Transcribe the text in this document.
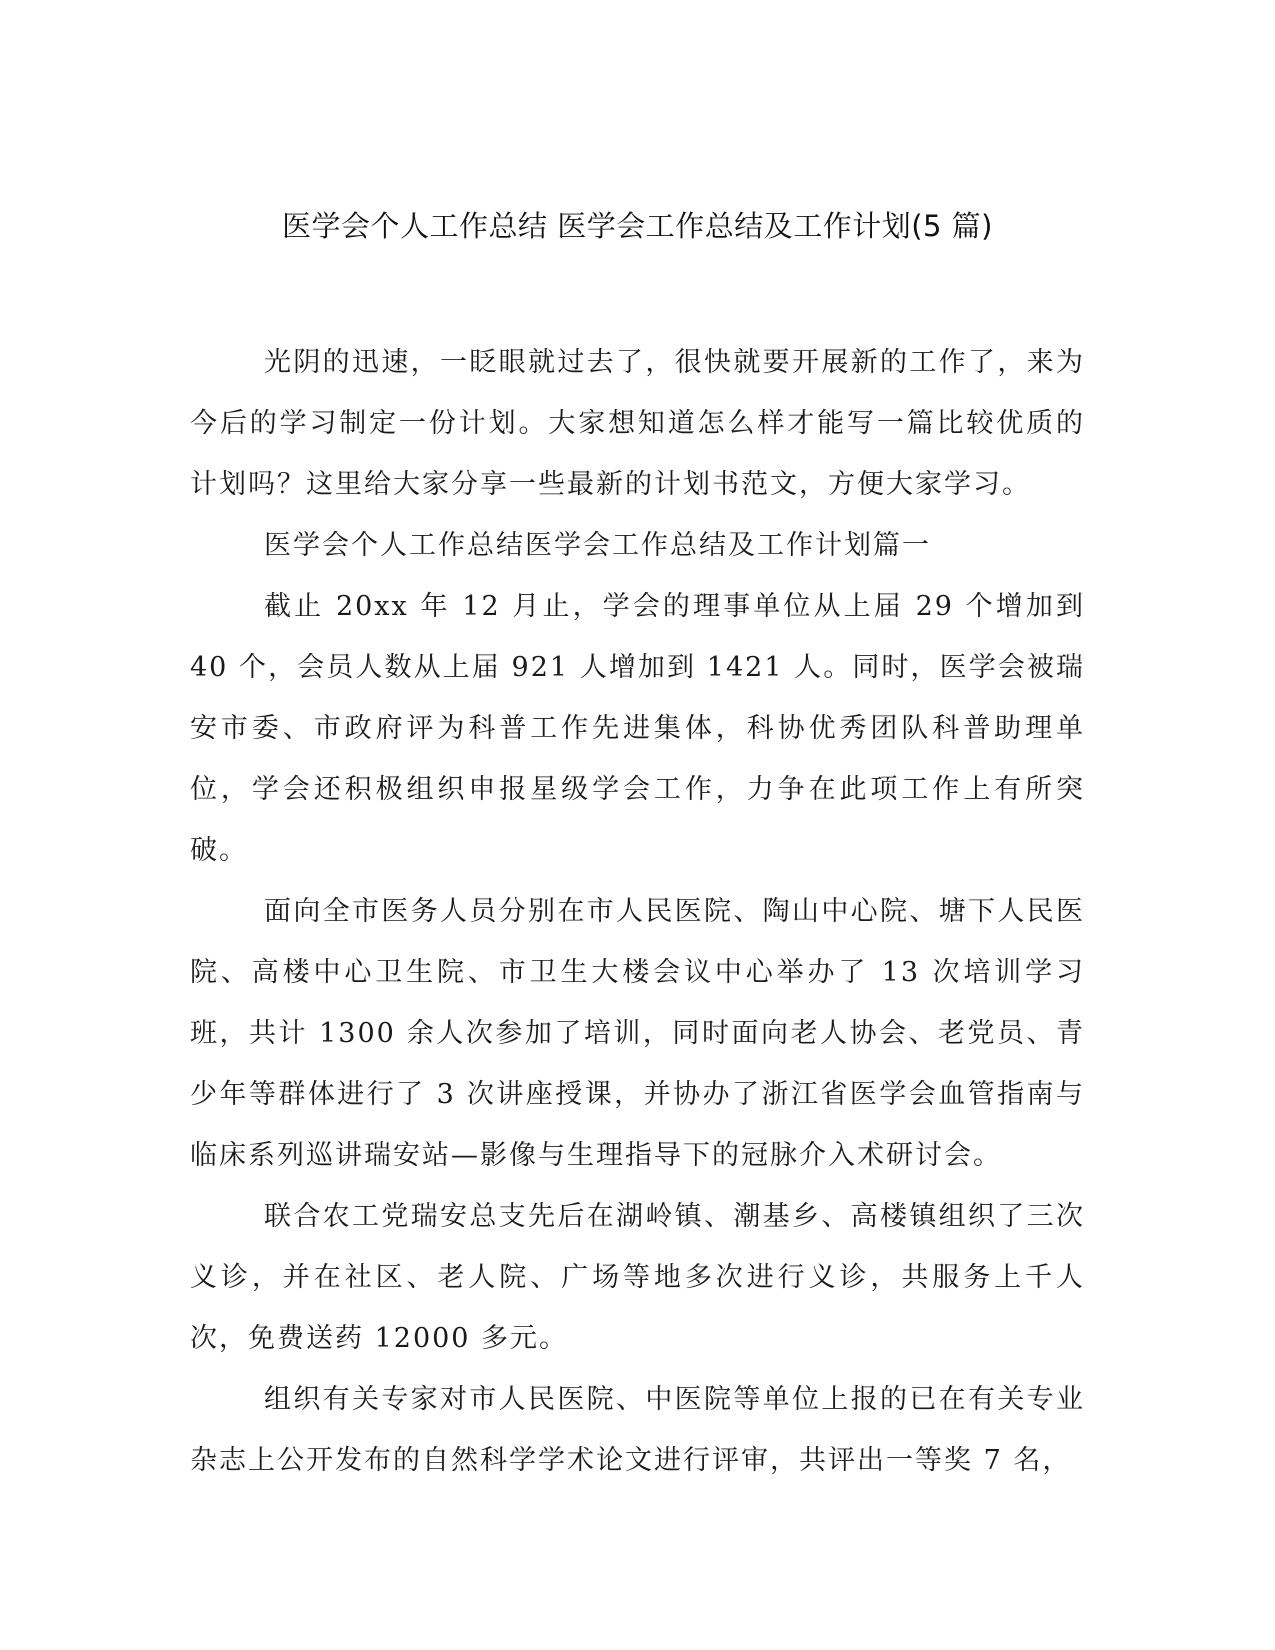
医学会个人工作总结 医学会工作总结及工作计划(5 篇)

光阴的迅速，一眨眼就过去了，很快就要开展新的工作了，来为今后的学习制定一份计划。大家想知道怎么样才能写一篇比较优质的计划吗？这里给大家分享一些最新的计划书范文，方便大家学习。

医学会个人工作总结医学会工作总结及工作计划篇一

截止 20xx 年 12 月止，学会的理事单位从上届 29 个增加到 40 个，会员人数从上届 921 人增加到 1421 人。同时，医学会被瑞安市委、市政府评为科普工作先进集体，科协优秀团队科普助理单位，学会还积极组织申报星级学会工作，力争在此项工作上有所突破。

面向全市医务人员分别在市人民医院、陶山中心院、塘下人民医院、高楼中心卫生院、市卫生大楼会议中心举办了 13 次培训学习班，共计 1300 余人次参加了培训，同时面向老人协会、老党员、青少年等群体进行了 3 次讲座授课，并协办了浙江省医学会血管指南与临床系列巡讲瑞安站—影像与生理指导下的冠脉介入术研讨会。

联合农工党瑞安总支先后在湖岭镇、潮基乡、高楼镇组织了三次义诊，并在社区、老人院、广场等地多次进行义诊，共服务上千人次，免费送药 12000 多元。

组织有关专家对市人民医院、中医院等单位上报的已在有关专业杂志上公开发布的自然科学学术论文进行评审，共评出一等奖 7 名，
